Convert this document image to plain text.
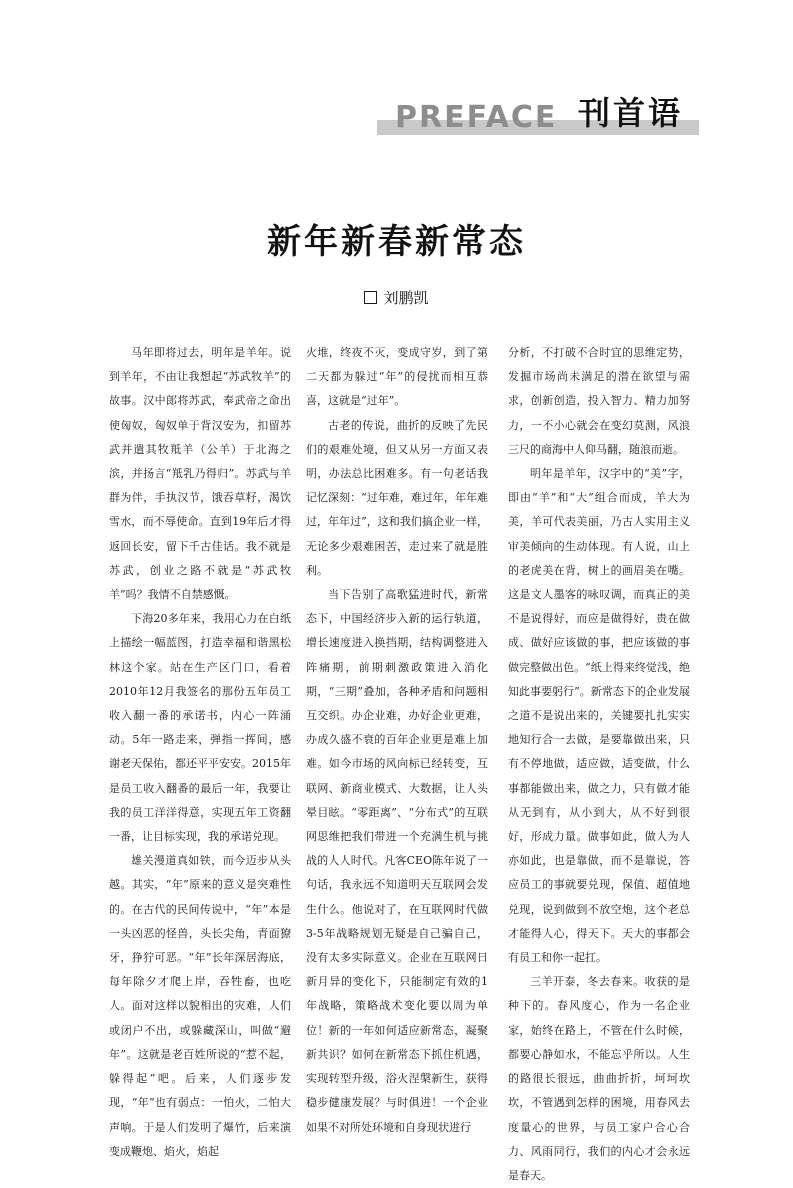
PREFACE 刊首语
新年新春新常态
刘鹏凯

马年即将过去，明年是羊年。说到羊年，不由让我想起“苏武牧羊”的故事。汉中郎将苏武，奉武帝之命出使匈奴，匈奴单于背汉安为，扣留苏武并遣其牧羝羊（公羊）于北海之滨，并扬言“羝乳乃得归”。苏武与羊群为伴，手执汉节，饿吞草籽，渴饮雪水，而不辱使命。直到19年后才得返回长安，留下千古佳话。我不就是苏武，创业之路不就是“苏武牧羊”吗？我情不自禁感慨。

下海20多年来，我用心力在白纸上描绘一幅蓝图，打造幸福和谐黑松林这个家。站在生产区门口，看着2010年12月我签名的那份五年员工收入翻一番的承诺书，内心一阵涌动。5年一路走来，弹指一挥间，感谢老天保佑，都还平平安安。2015年是员工收入翻番的最后一年，我要让我的员工洋洋得意，实现五年工资翻一番，让目标实现，我的承诺兑现。

雄关漫道真如铁，而今迈步从头越。其实，“年”原来的意义是突难性的。在古代的民间传说中，“年”本是一头凶恶的怪兽，头长尖角，青面獠牙，狰狞可恶。“年”长年深居海底，每年除夕才爬上岸，吞牲畜，也吃人。面对这样以貌相出的灾难，人们或闭户不出，或躲藏深山，叫做“避年”。这就是老百姓所说的“惹不起，躲得起”吧。后来，人们逐步发现，“年”也有弱点：一怕火，二怕大声响。于是人们发明了爆竹，后来演变成鞭炮、焰火，焰起

火堆，终夜不灭，变成守岁，到了第二天都为躲过“年”的侵扰而相互恭喜，这就是“过年”。

古老的传说，曲折的反映了先民们的艰难处境，但又从另一方面又表明，办法总比困难多。有一句老话我记忆深刻：“过年难，难过年，年年难过，年年过”，这和我们搞企业一样，无论多少艰难困苦，走过来了就是胜利。

当下告别了高歌猛进时代，新常态下，中国经济步入新的运行轨道，增长速度进入换挡期，结构调整进入阵痛期，前期刺激政策进入消化期，“三期”叠加，各种矛盾和问题相互交织。办企业难，办好企业更难，办成久盛不衰的百年企业更是难上加难。如今市场的风向标已经转变，互联网、新商业模式、大数据，让人头晕目眩。“零距离”、“分布式”的互联网思维把我们带进一个充满生机与挑战的人人时代。凡客CEO陈年说了一句话，我永远不知道明天互联网会发生什么。他说对了，在互联网时代做3-5年战略规划无疑是自己骗自己，没有太多实际意义。企业在互联网日新月异的变化下，只能制定有效的1年战略，策略战术变化要以周为单位！新的一年如何适应新常态，凝聚新共识？如何在新常态下抓住机遇，实现转型升级，浴火涅槃新生，获得稳步健康发展？与时俱进！一个企业如果不对所处环境和自身现状进行

分析，不打破不合时宜的思维定势，发掘市场尚未满足的潜在欲望与需求，创新创造，投入智力、精力加努力，一不小心就会在变幻莫测，风浪三尺的商海中人仰马翻，随浪而逝。

明年是羊年，汉字中的“美”字，即由“羊”和“大”组合而成，羊大为美，羊可代表美丽，乃古人实用主义审美倾向的生动体现。有人说，山上的老虎美在背，树上的画眉美在嘴。这是文人墨客的咏叹调，而真正的美不是说得好，而应是做得好，贵在做成、做好应该做的事，把应该做的事做完整做出色。“纸上得来终觉浅，绝知此事要躬行”。新常态下的企业发展之道不是说出来的，关键要扎扎实实地知行合一去做，是要靠做出来，只有不停地做，适应做，适变做，什么事都能做出来，做之力，只有做才能从无到有，从小到大，从不好到很好，形成力量。做事如此，做人为人亦如此，也是靠做，而不是靠说，答应员工的事就要兑现，保值、超值地兑现，说到做到不放空炮，这个老总才能得人心，得天下。天大的事都会有员工和你一起扛。

三羊开泰，冬去春来。收获的是种下的。春风度心，作为一名企业家，始终在路上，不管在什么时候，都要心静如水，不能忘乎所以。人生的路很长很远，曲曲折折，坷坷坎坎，不管遇到怎样的困境，用春风去度量心的世界，与员工家户合心合力、风雨同行，我们的内心才会永远是春天。
